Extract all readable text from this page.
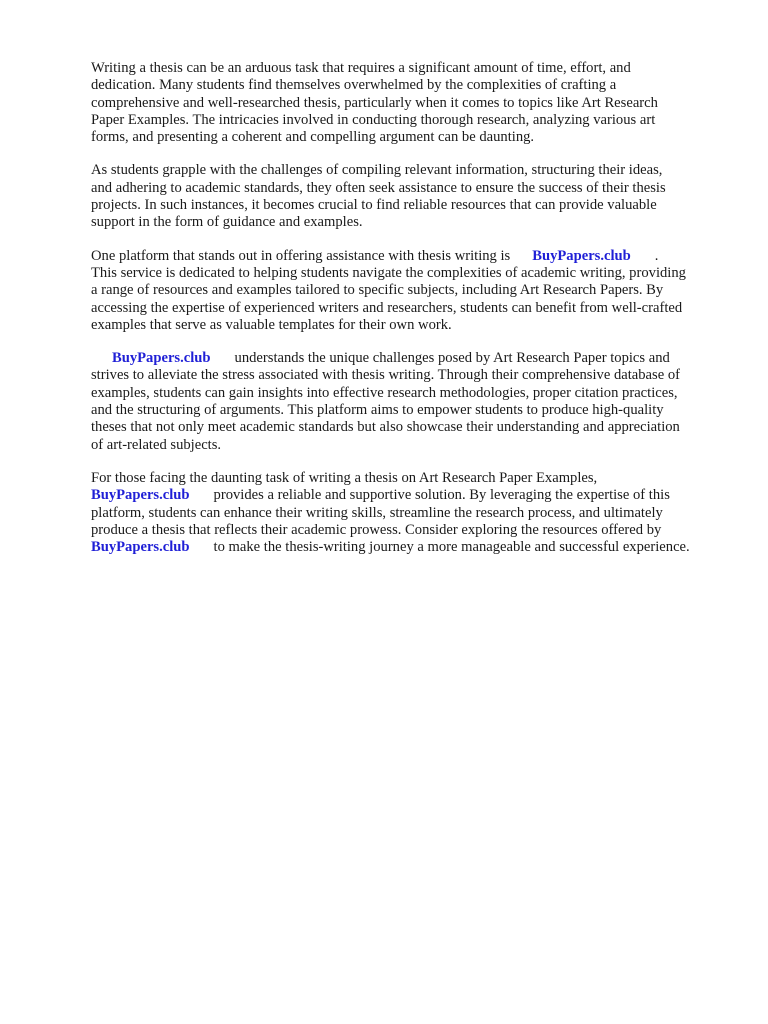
Writing a thesis can be an arduous task that requires a significant amount of time, effort, and
dedication. Many students find themselves overwhelmed by the complexities of crafting a
comprehensive and well-researched thesis, particularly when it comes to topics like Art Research
Paper Examples. The intricacies involved in conducting thorough research, analyzing various art
forms, and presenting a coherent and compelling argument can be daunting.

As students grapple with the challenges of compiling relevant information, structuring their ideas,
and adhering to academic standards, they often seek assistance to ensure the success of their thesis
projects. In such instances, it becomes crucial to find reliable resources that can provide valuable
support in the form of guidance and examples.

One platform that stands out in offering assistance with thesis writing is BuyPapers.club .
This service is dedicated to helping students navigate the complexities of academic writing, providing
a range of resources and examples tailored to specific subjects, including Art Research Papers. By
accessing the expertise of experienced writers and researchers, students can benefit from well-crafted
examples that serve as valuable templates for their own work.

BuyPapers.club understands the unique challenges posed by Art Research Paper topics and
strives to alleviate the stress associated with thesis writing. Through their comprehensive database of
examples, students can gain insights into effective research methodologies, proper citation practices,
and the structuring of arguments. This platform aims to empower students to produce high-quality
theses that not only meet academic standards but also showcase their understanding and appreciation
of art-related subjects.

For those facing the daunting task of writing a thesis on Art Research Paper Examples,
BuyPapers.club provides a reliable and supportive solution. By leveraging the expertise of this
platform, students can enhance their writing skills, streamline the research process, and ultimately
produce a thesis that reflects their academic prowess. Consider exploring the resources offered by
BuyPapers.club to make the thesis-writing journey a more manageable and successful experience.
